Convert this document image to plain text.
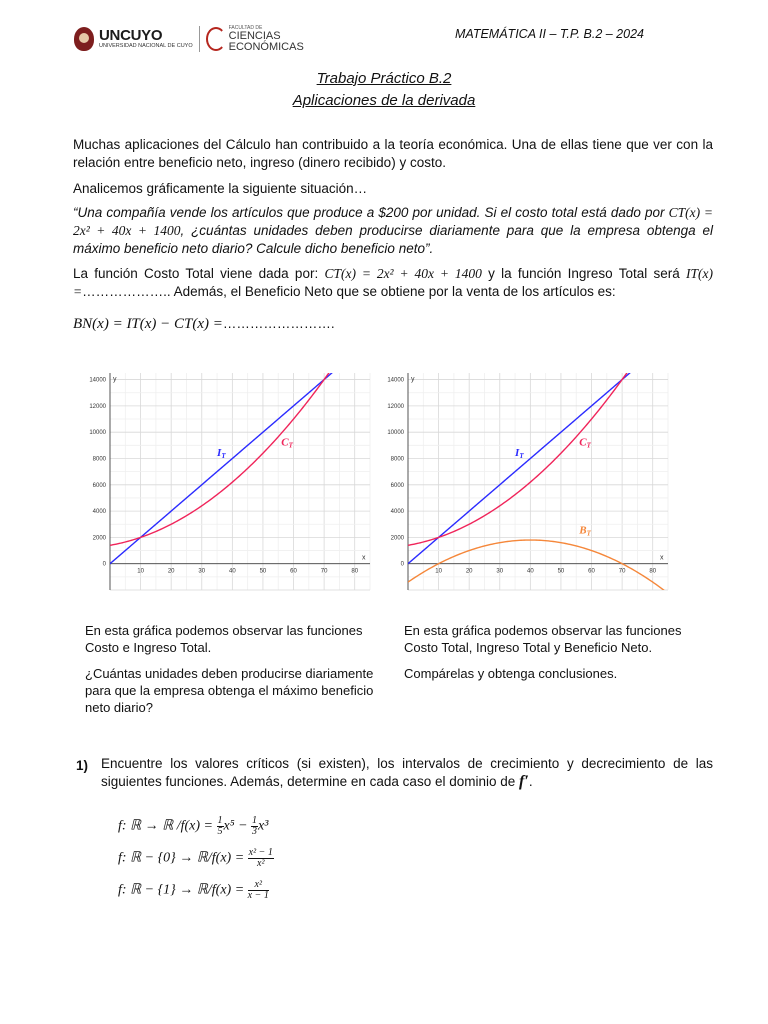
UNCUYO
UNIVERSIDAD NACIONAL DE CUYO
FACULTAD DE
CIENCIAS
ECONÓMICAS
MATEMÁTICA II – T.P. B.2 – 2024
Trabajo Práctico B.2
Aplicaciones de la derivada
Muchas aplicaciones del Cálculo han contribuido a la teoría económica. Una de ellas tiene que ver con la relación entre beneficio neto, ingreso (dinero recibido) y costo.
Analicemos gráficamente la siguiente situación…
“Una compañía vende los artículos que produce a $200 por unidad. Si el costo total está dado por CT(x) = 2x² + 40x + 1400, ¿cuántas unidades deben producirse diariamente para que la empresa obtenga el máximo beneficio neto diario? Calcule dicho beneficio neto”.
La función Costo Total viene dada por: CT(x) = 2x² + 40x + 1400 y la función Ingreso Total será IT(x) =……………….. Además, el Beneficio Neto que se obtiene por la venta de los artículos es:
BN(x) = IT(x) − CT(x) =…………………….
x
y
10	20	30	40	50	60	70	80
0
2000
4000
6000
8000
10000
12000
14000
IT
CT
x
y
10	20	30	40	50	60	70	80
0
2000
4000
6000
8000
10000
12000
14000
IT
CT
BT
En esta gráfica podemos observar las funciones Costo e Ingreso Total.
¿Cuántas unidades deben producirse diariamente para que la empresa obtenga el máximo beneficio neto diario?
En esta gráfica podemos observar las funciones Costo Total, Ingreso Total y Beneficio Neto.
Compárelas y obtenga conclusiones.
1) Encuentre los valores críticos (si existen), los intervalos de crecimiento y decrecimiento de las siguientes funciones. Además, determine en cada caso el dominio de f′.
f: ℝ → ℝ $/f(x) = \frac{1}{5} x^5 - \frac{1}{3} x^3$
f: ℝ − {0} → ℝ/f(x) = $\frac{\text{x² − 1}}{\text{x²}}$
f: ℝ − {1} → ℝ/f(x) = $\frac{\text{x²}}{x - 1}$
